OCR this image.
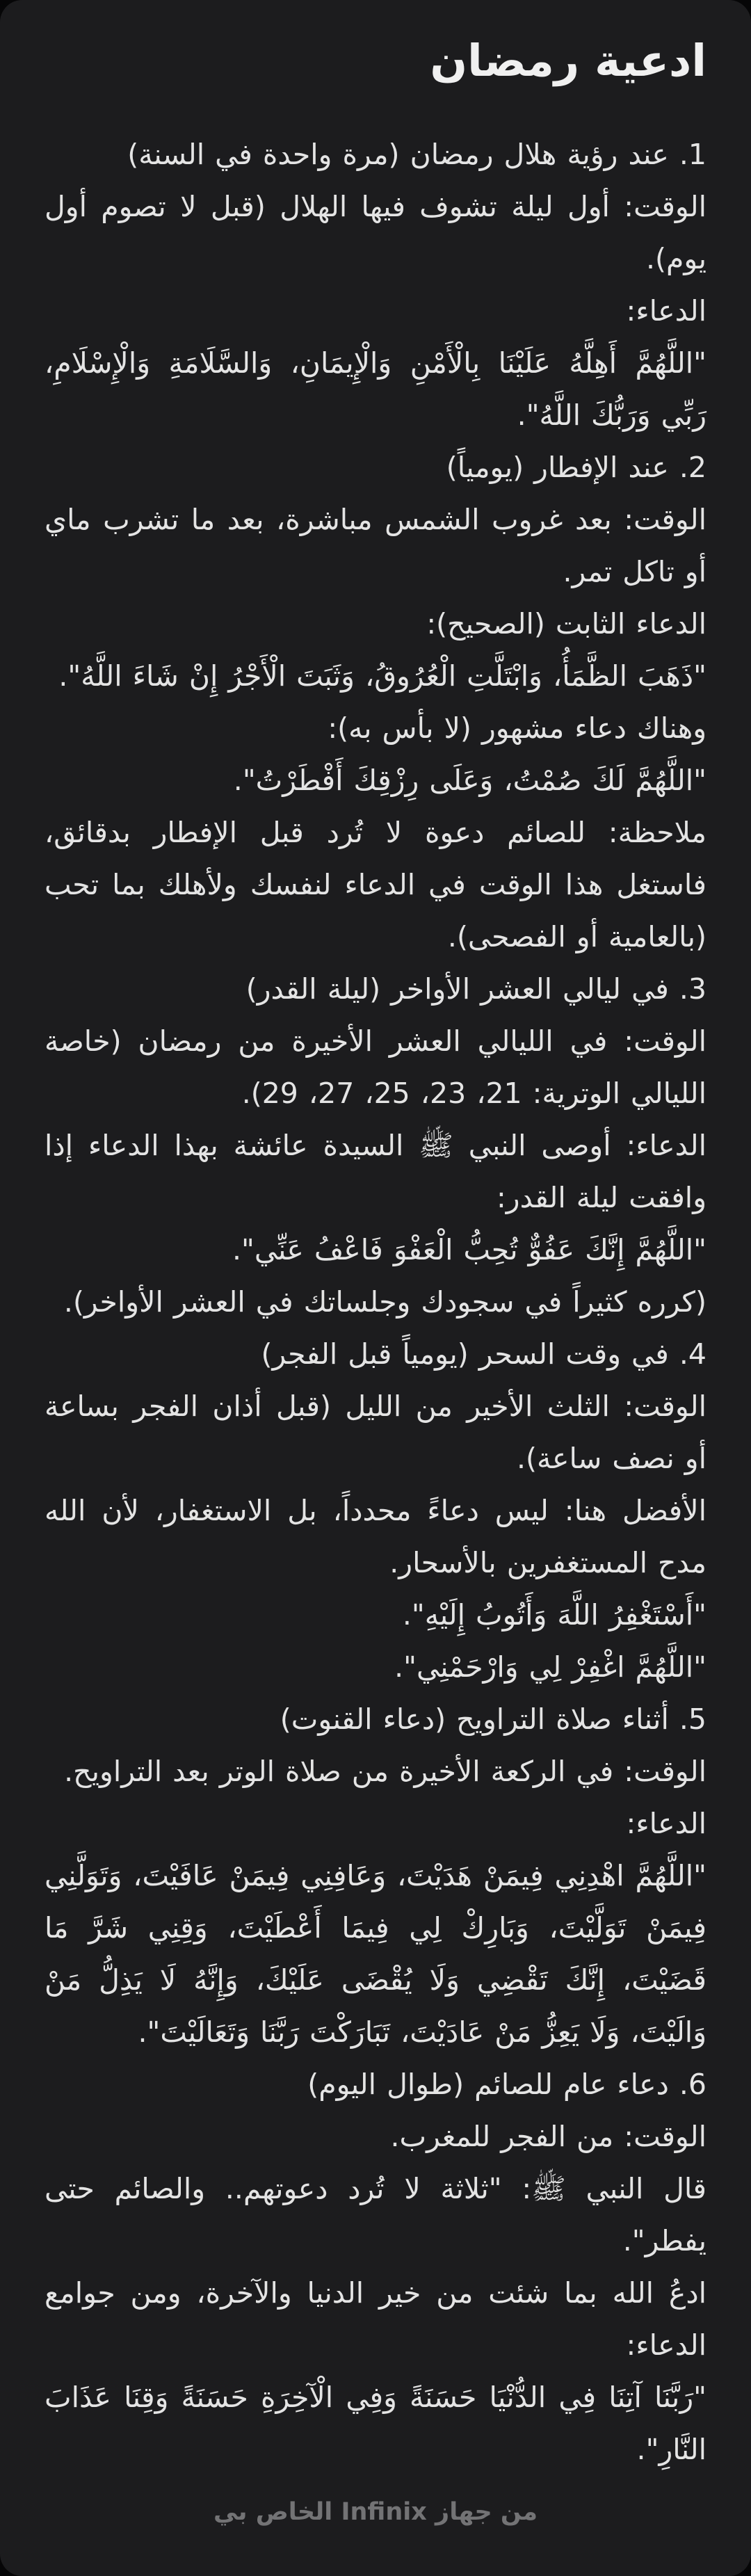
ادعية رمضان

1. عند رؤية هلال رمضان (مرة واحدة في السنة)

الوقت: أول ليلة تشوف فيها الهلال (قبل لا تصوم أول يوم).

الدعاء:

"اللَّهُمَّ أَهِلَّهُ عَلَيْنَا بِالْأَمْنِ وَالْإِيمَانِ، وَالسَّلَامَةِ وَالْإِسْلَامِ، رَبِّي وَرَبُّكَ اللَّهُ".

2. عند الإفطار (يومياً)

الوقت: بعد غروب الشمس مباشرة، بعد ما تشرب ماي أو تاكل تمر.

الدعاء الثابت (الصحيح):

"ذَهَبَ الظَّمَأُ، وَابْتَلَّتِ الْعُرُوقُ، وَثَبَتَ الْأَجْرُ إِنْ شَاءَ اللَّهُ".

وهناك دعاء مشهور (لا بأس به):

"اللَّهُمَّ لَكَ صُمْتُ، وَعَلَى رِزْقِكَ أَفْطَرْتُ".

ملاحظة: للصائم دعوة لا تُرد قبل الإفطار بدقائق، فاستغل هذا الوقت في الدعاء لنفسك ولأهلك بما تحب (بالعامية أو الفصحى).

3. في ليالي العشر الأواخر (ليلة القدر)

الوقت: في الليالي العشر الأخيرة من رمضان (خاصة الليالي الوترية: 21، 23، 25، 27، 29).

الدعاء: أوصى النبي ﷺ السيدة عائشة بهذا الدعاء إذا وافقت ليلة القدر:

"اللَّهُمَّ إِنَّكَ عَفُوٌّ تُحِبُّ الْعَفْوَ فَاعْفُ عَنِّي".

(كرره كثيراً في سجودك وجلساتك في العشر الأواخر).

4. في وقت السحر (يومياً قبل الفجر)

الوقت: الثلث الأخير من الليل (قبل أذان الفجر بساعة أو نصف ساعة).

الأفضل هنا: ليس دعاءً محدداً، بل الاستغفار، لأن الله مدح المستغفرين بالأسحار.

"أَسْتَغْفِرُ اللَّهَ وَأَتُوبُ إِلَيْهِ".

"اللَّهُمَّ اغْفِرْ لِي وَارْحَمْنِي".

5. أثناء صلاة التراويح (دعاء القنوت)

الوقت: في الركعة الأخيرة من صلاة الوتر بعد التراويح.

الدعاء:

"اللَّهُمَّ اهْدِنِي فِيمَنْ هَدَيْتَ، وَعَافِنِي فِيمَنْ عَافَيْتَ، وَتَوَلَّنِي فِيمَنْ تَوَلَّيْتَ، وَبَارِكْ لِي فِيمَا أَعْطَيْتَ، وَقِنِي شَرَّ مَا قَضَيْتَ، إِنَّكَ تَقْضِي وَلَا يُقْضَى عَلَيْكَ، وَإِنَّهُ لَا يَذِلُّ مَنْ وَالَيْتَ، وَلَا يَعِزُّ مَنْ عَادَيْتَ، تَبَارَكْتَ رَبَّنَا وَتَعَالَيْتَ".

6. دعاء عام للصائم (طوال اليوم)

الوقت: من الفجر للمغرب.

قال النبي ﷺ: "ثلاثة لا تُرد دعوتهم.. والصائم حتى يفطر".

ادعُ الله بما شئت من خير الدنيا والآخرة، ومن جوامع الدعاء:

"رَبَّنَا آتِنَا فِي الدُّنْيَا حَسَنَةً وَفِي الْآخِرَةِ حَسَنَةً وَقِنَا عَذَابَ النَّارِ".

من جهاز Infinix الخاص بي
